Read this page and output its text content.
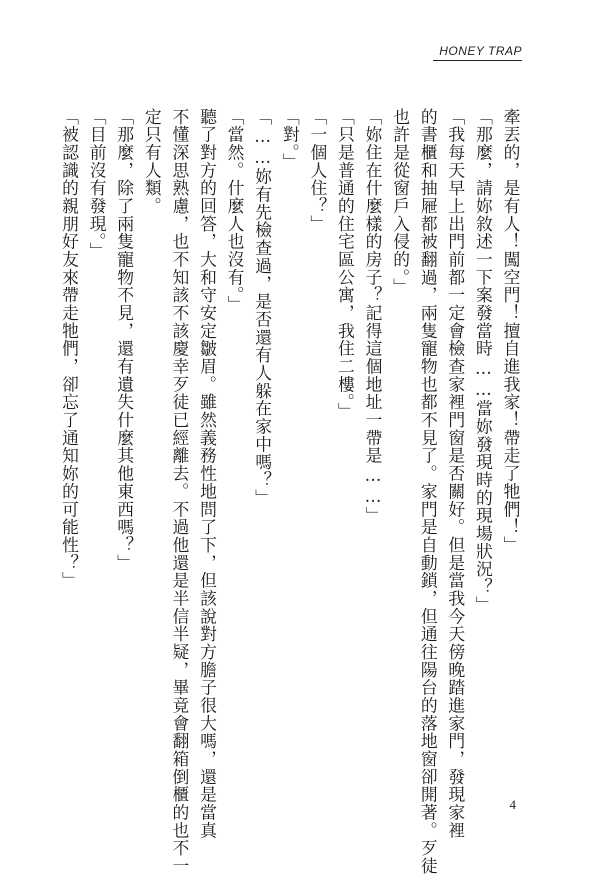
HONEY TRAP

牽丟的，是有人！闖空門！擅自進我家！帶走了牠們！」

「那麼，請妳敘述一下案發當時……當妳發現時的現場狀況？」

「我每天早上出門前都一定會檢查家裡門窗是否關好。但是當我今天傍晚踏進家門，發現家裡

的書櫃和抽屜都被翻過，兩隻寵物也都不見了。家門是自動鎖，但通往陽台的落地窗卻開著。歹徒

也許是從窗戶入侵的。」

「妳住在什麼樣的房子？記得這個地址一帶是……」

「只是普通的住宅區公寓，我住二樓。」

「一個人住？」

「對。」

「……妳有先檢查過，是否還有人躲在家中嗎？」

「當然。什麼人也沒有。」

聽了對方的回答，大和守安定皺眉。雖然義務性地問了下，但該說對方膽子很大嗎，還是當真

不懂深思熟慮，也不知該不該慶幸歹徒已經離去。不過他還是半信半疑，畢竟會翻箱倒櫃的也不一

定只有人類。

「那麼，除了兩隻寵物不見，還有遺失什麼其他東西嗎？」

「目前沒有發現。」

「被認識的親朋好友來帶走牠們，卻忘了通知妳的可能性？」

4
